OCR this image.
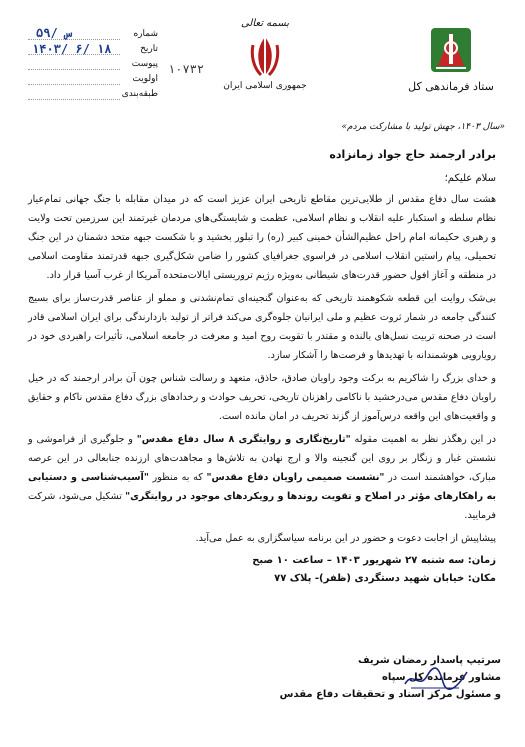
ستاد فرماندهی کل
بسمه تعالی
جمهوری اسلامی ایران
شماره
تاریخ
پیوست
اولویت
طبقه‌بندی
۵۹/ س
۱۴۰۳/ ۶/ ۱۸
۱۰۷۳۲
«سال ۱۴۰۳، جهش تولید با مشارکت مردم»

برادر ارجمند حاج جواد زمانزاده

سلام علیکم؛

هشت سال دفاع مقدس از طلایی‌ترین مقاطع تاریخی ایران عزیز است که در میدان مقابله با جنگ جهانی تمام‌عیار نظام سلطه و استکبار علیه انقلاب و نظام اسلامی، عظمت و شایستگی‌های مردمان غیرتمند این سرزمین تحت ولایت و رهبری حکیمانه امام راحل عظیم‌الشأن خمینی کبیر (ره) را تبلور بخشید و با شکست جبهه متحد دشمنان در این جنگ تحمیلی، پیام راستین انقلاب اسلامی در فراسوی جغرافیای کشور را ضامن شکل‌گیری جبهه قدرتمند مقاومت اسلامی در منطقه و آغاز افول حضور قدرت‌های شیطانی به‌ویژه رژیم تروریستی ایالات‌متحده آمریکا از غرب آسیا قرار داد.

بی‌شک روایت این قطعه شکوهمند تاریخی که به‌عنوان گنجینه‌ای تمام‌نشدنی و مملو از عناصر قدرت‌ساز برای بسیج کنندگی جامعه در شمار ثروت عظیم و ملی ایرانیان جلوه‌گری می‌کند فراتر از تولید بازدارندگی برای ایران اسلامی قادر است در صحنه تربیت نسل‌های بالنده و مقتدر با تقویت روح امید و معرفت در جامعه اسلامی، تأثیرات راهبردی خود در رویارویی هوشمندانه با تهدیدها و فرصت‌ها را آشکار سازد.

و خدای بزرگ را شاکریم به برکت وجود راویان صادق، حاذق، متعهد و رسالت شناس چون آن برادر ارجمند که در خیل راویان دفاع مقدس می‌درخشید با ناکامی راهزنان تاریخی، تحریف حوادث و رخدادهای بزرگ دفاع مقدس ناکام و حقایق و واقعیت‌های این واقعه درس‌آموز از گزند تحریف در امان مانده است.

در این رهگذر نظر به اهمیت مقوله "تاریخ‌نگاری و روایتگری ۸ سال دفاع مقدس" و جلوگیری از فراموشی و نشستن غبار و زنگار بر روی این گنجینه والا و ارج نهادن به تلاش‌ها و مجاهدت‌های ارزنده جنابعالی در این عرصه مبارک، خواهشمند است در "نشست صمیمی راویان دفاع مقدس" که به منظور "آسیب‌شناسی و دستیابی به راهکارهای مؤثر در اصلاح و تقویت روندها و رویکردهای موجود در روایتگری" تشکیل می‌شود، شرکت فرمایید.

پیشاپیش از اجابت دعوت و حضور در این برنامه سیاسگزاری به عمل می‌آید.

زمان: سه شنبه ۲۷ شهریور ۱۴۰۳ – ساعت ۱۰ صبح

مکان: خیابان شهید دستگردی (ظفر)- پلاک ۷۷

سرتیپ پاسدار رمضان شریف
مشاور فرمانده کل سپاه
و مسئول مرکز اسناد و تحقیقات دفاع مقدس
